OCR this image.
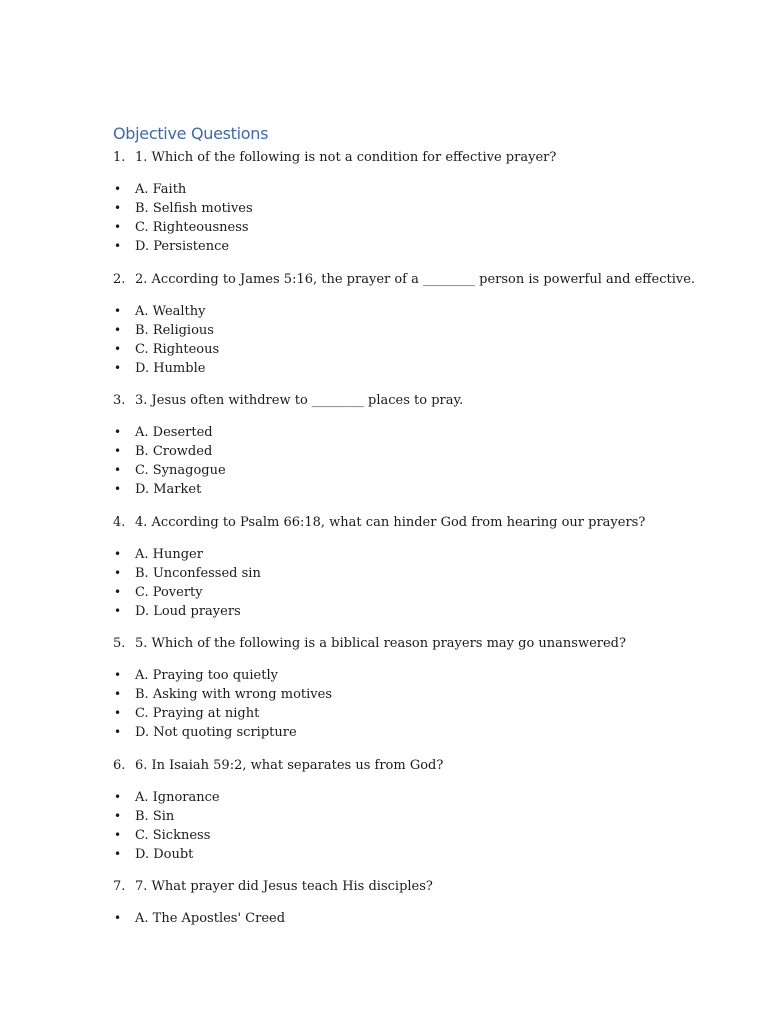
Objective Questions
1. 1. Which of the following is not a condition for effective prayer?
• A. Faith
• B. Selfish motives
• C. Righteousness
• D. Persistence
2. 2. According to James 5:16, the prayer of a ________ person is powerful and effective.
• A. Wealthy
• B. Religious
• C. Righteous
• D. Humble
3. 3. Jesus often withdrew to ________ places to pray.
• A. Deserted
• B. Crowded
• C. Synagogue
• D. Market
4. 4. According to Psalm 66:18, what can hinder God from hearing our prayers?
• A. Hunger
• B. Unconfessed sin
• C. Poverty
• D. Loud prayers
5. 5. Which of the following is a biblical reason prayers may go unanswered?
• A. Praying too quietly
• B. Asking with wrong motives
• C. Praying at night
• D. Not quoting scripture
6. 6. In Isaiah 59:2, what separates us from God?
• A. Ignorance
• B. Sin
• C. Sickness
• D. Doubt
7. 7. What prayer did Jesus teach His disciples?
• A. The Apostles' Creed
